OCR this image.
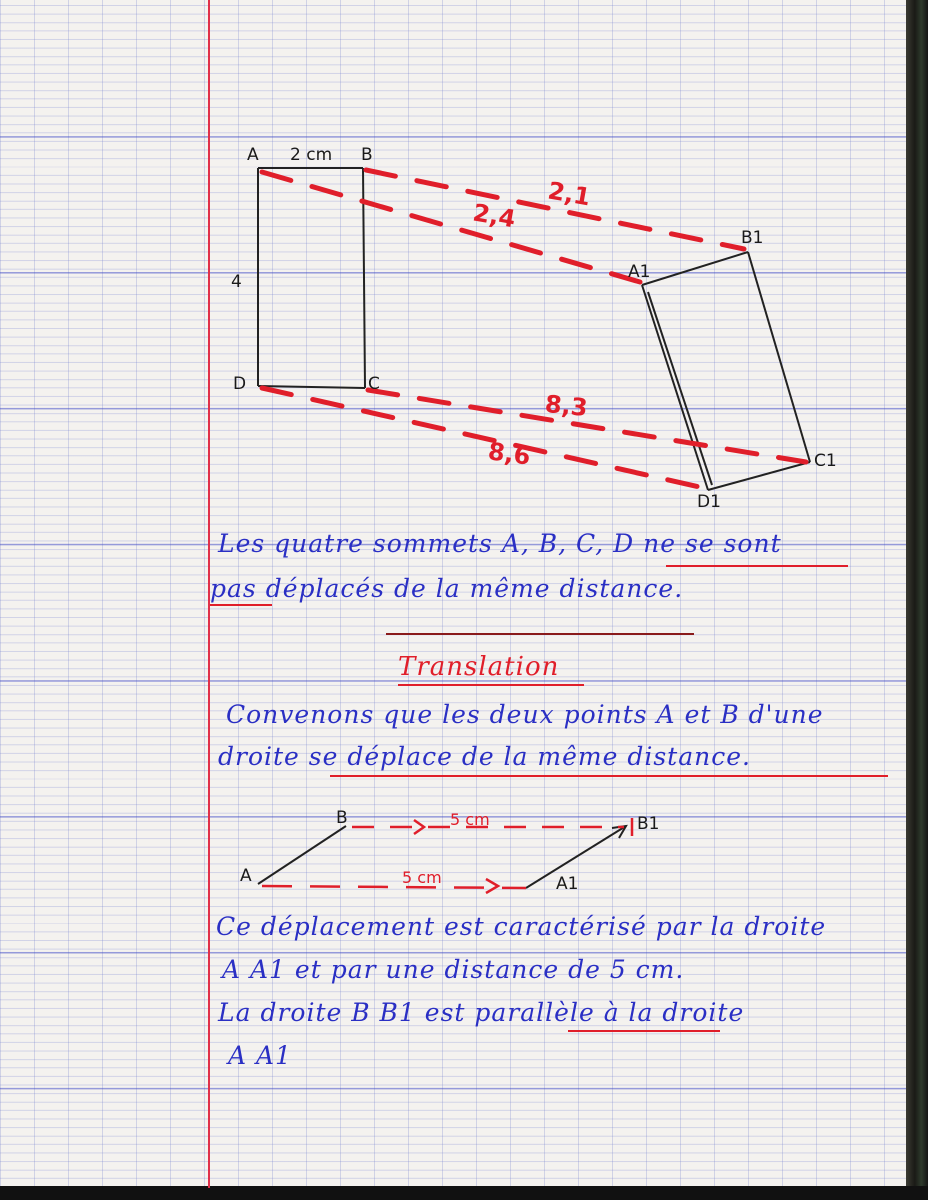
A 2 cm B

4

D	C

A1

B1

C1

D1

2,4

2,1

8,3

8,6

Les quatre sommets A, B, C, D ne se sont

pas déplacés de la même distance.

Translation

Convenons que les deux points A et B d'une

droite se déplace de la même distance.

B	B1

A	A1

5 cm

5 cm

Ce déplacement est caractérisé par la droite

A A1 et par une distance de 5 cm.

La droite B B1 est parallèle à la droite

A A1
